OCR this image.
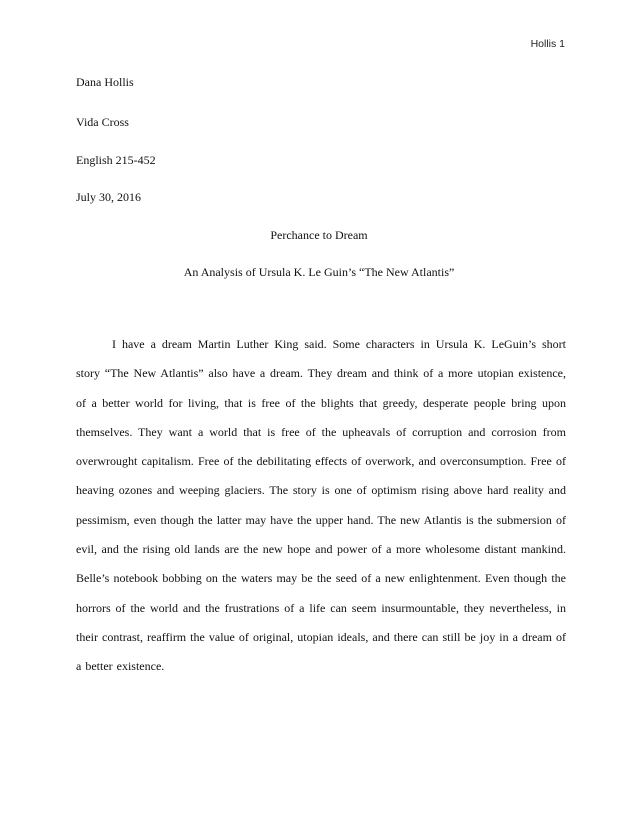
Hollis 1
Dana Hollis
Vida Cross
English 215-452
July 30, 2016
Perchance to Dream
An Analysis of Ursula K. Le Guin’s “The New Atlantis”

I have a dream Martin Luther King said. Some characters in Ursula K. LeGuin’s short story “The New Atlantis” also have a dream. They dream and think of a more utopian existence, of a better world for living, that is free of the blights that greedy, desperate people bring upon themselves. They want a world that is free of the upheavals of corruption and corrosion from overwrought capitalism. Free of the debilitating effects of overwork, and overconsumption. Free of heaving ozones and weeping glaciers. The story is one of optimism rising above hard reality and pessimism, even though the latter may have the upper hand. The new Atlantis is the submersion of evil, and the rising old lands are the new hope and power of a more wholesome distant mankind. Belle’s notebook bobbing on the waters may be the seed of a new enlightenment. Even though the horrors of the world and the frustrations of a life can seem insurmountable, they nevertheless, in their contrast, reaffirm the value of original, utopian ideals, and there can still be joy in a dream of a better existence.
